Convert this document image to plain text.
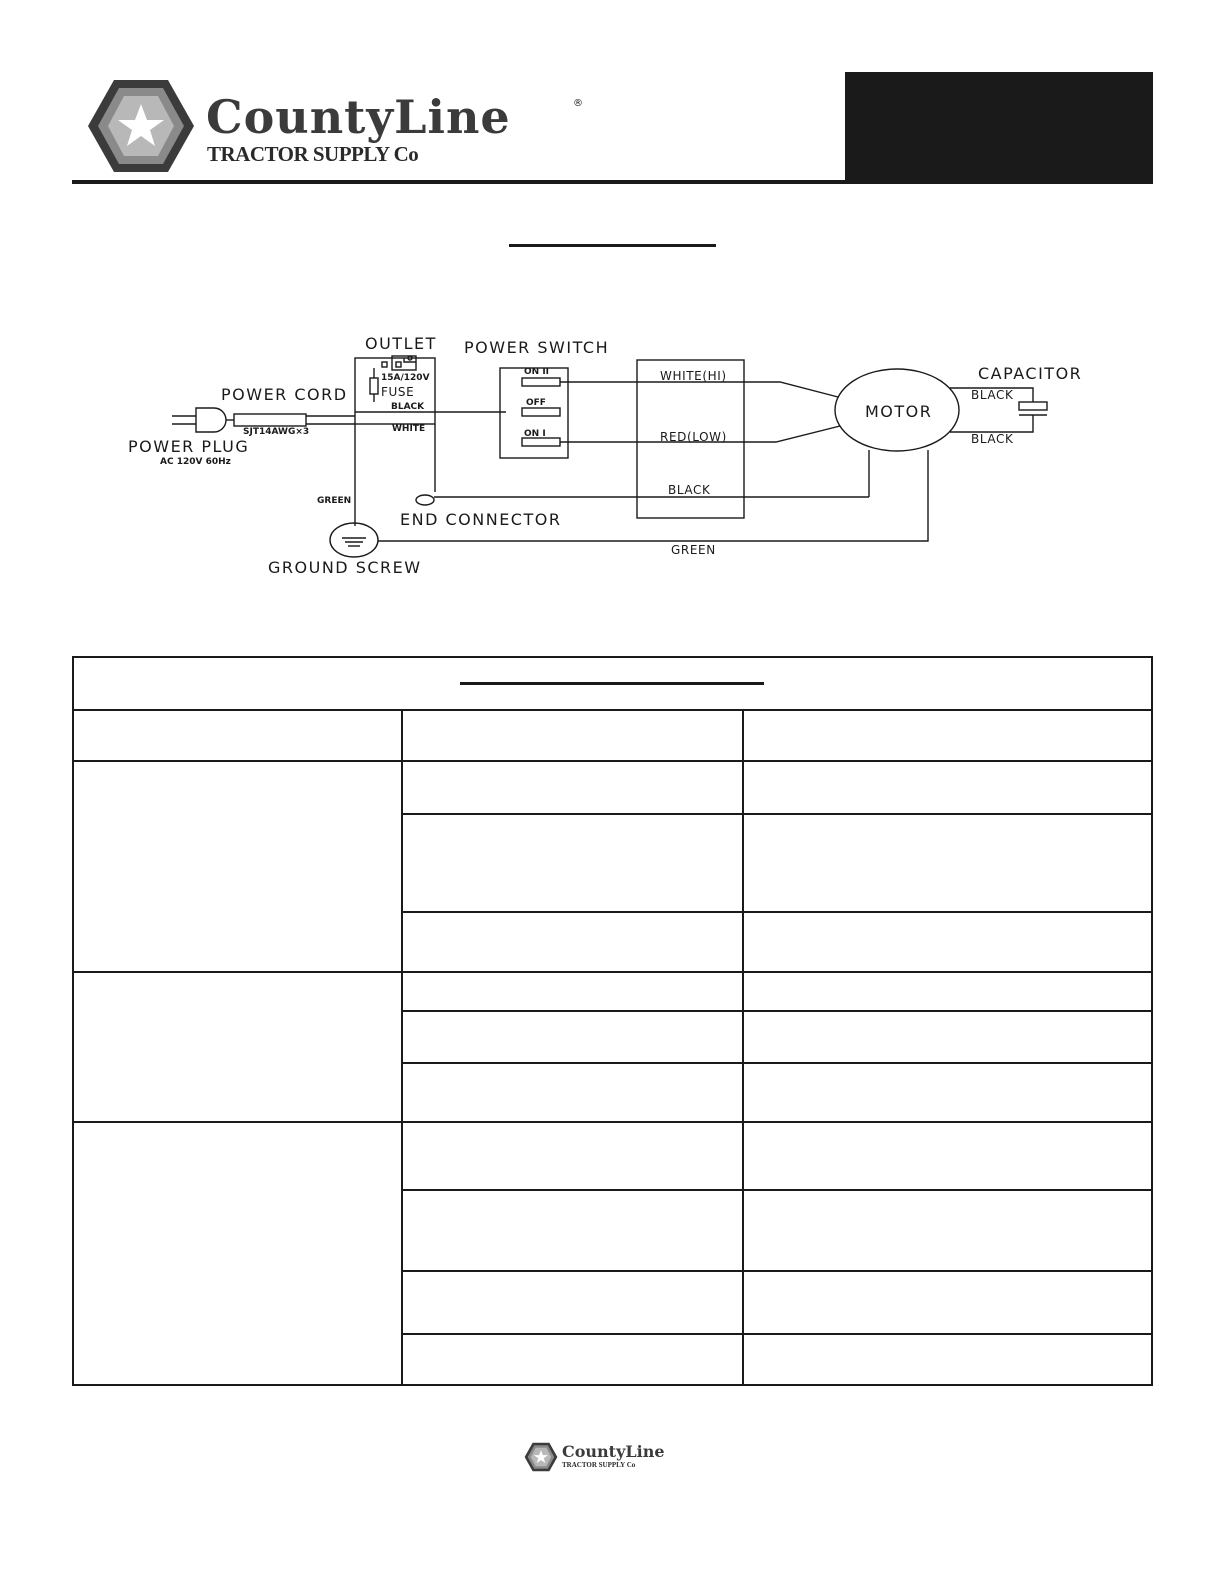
CountyLine	®
TRACTOR SUPPLY Co
OUTLET POWER SWITCH
POWER CORD
POWER PLUG
END CONNECTOR
GROUND SCREW
MOTOR
CAPACITOR
FUSE
WHITE(HI)
RED(LOW)
BLACK
GREEN
BLACK
BLACK
15A/120V
BLACK
WHITE
GREEN
SJT14AWG×3
AC 120V 60Hz
ON II
OFF
ON I
CountyLine
TRACTOR SUPPLY Co
